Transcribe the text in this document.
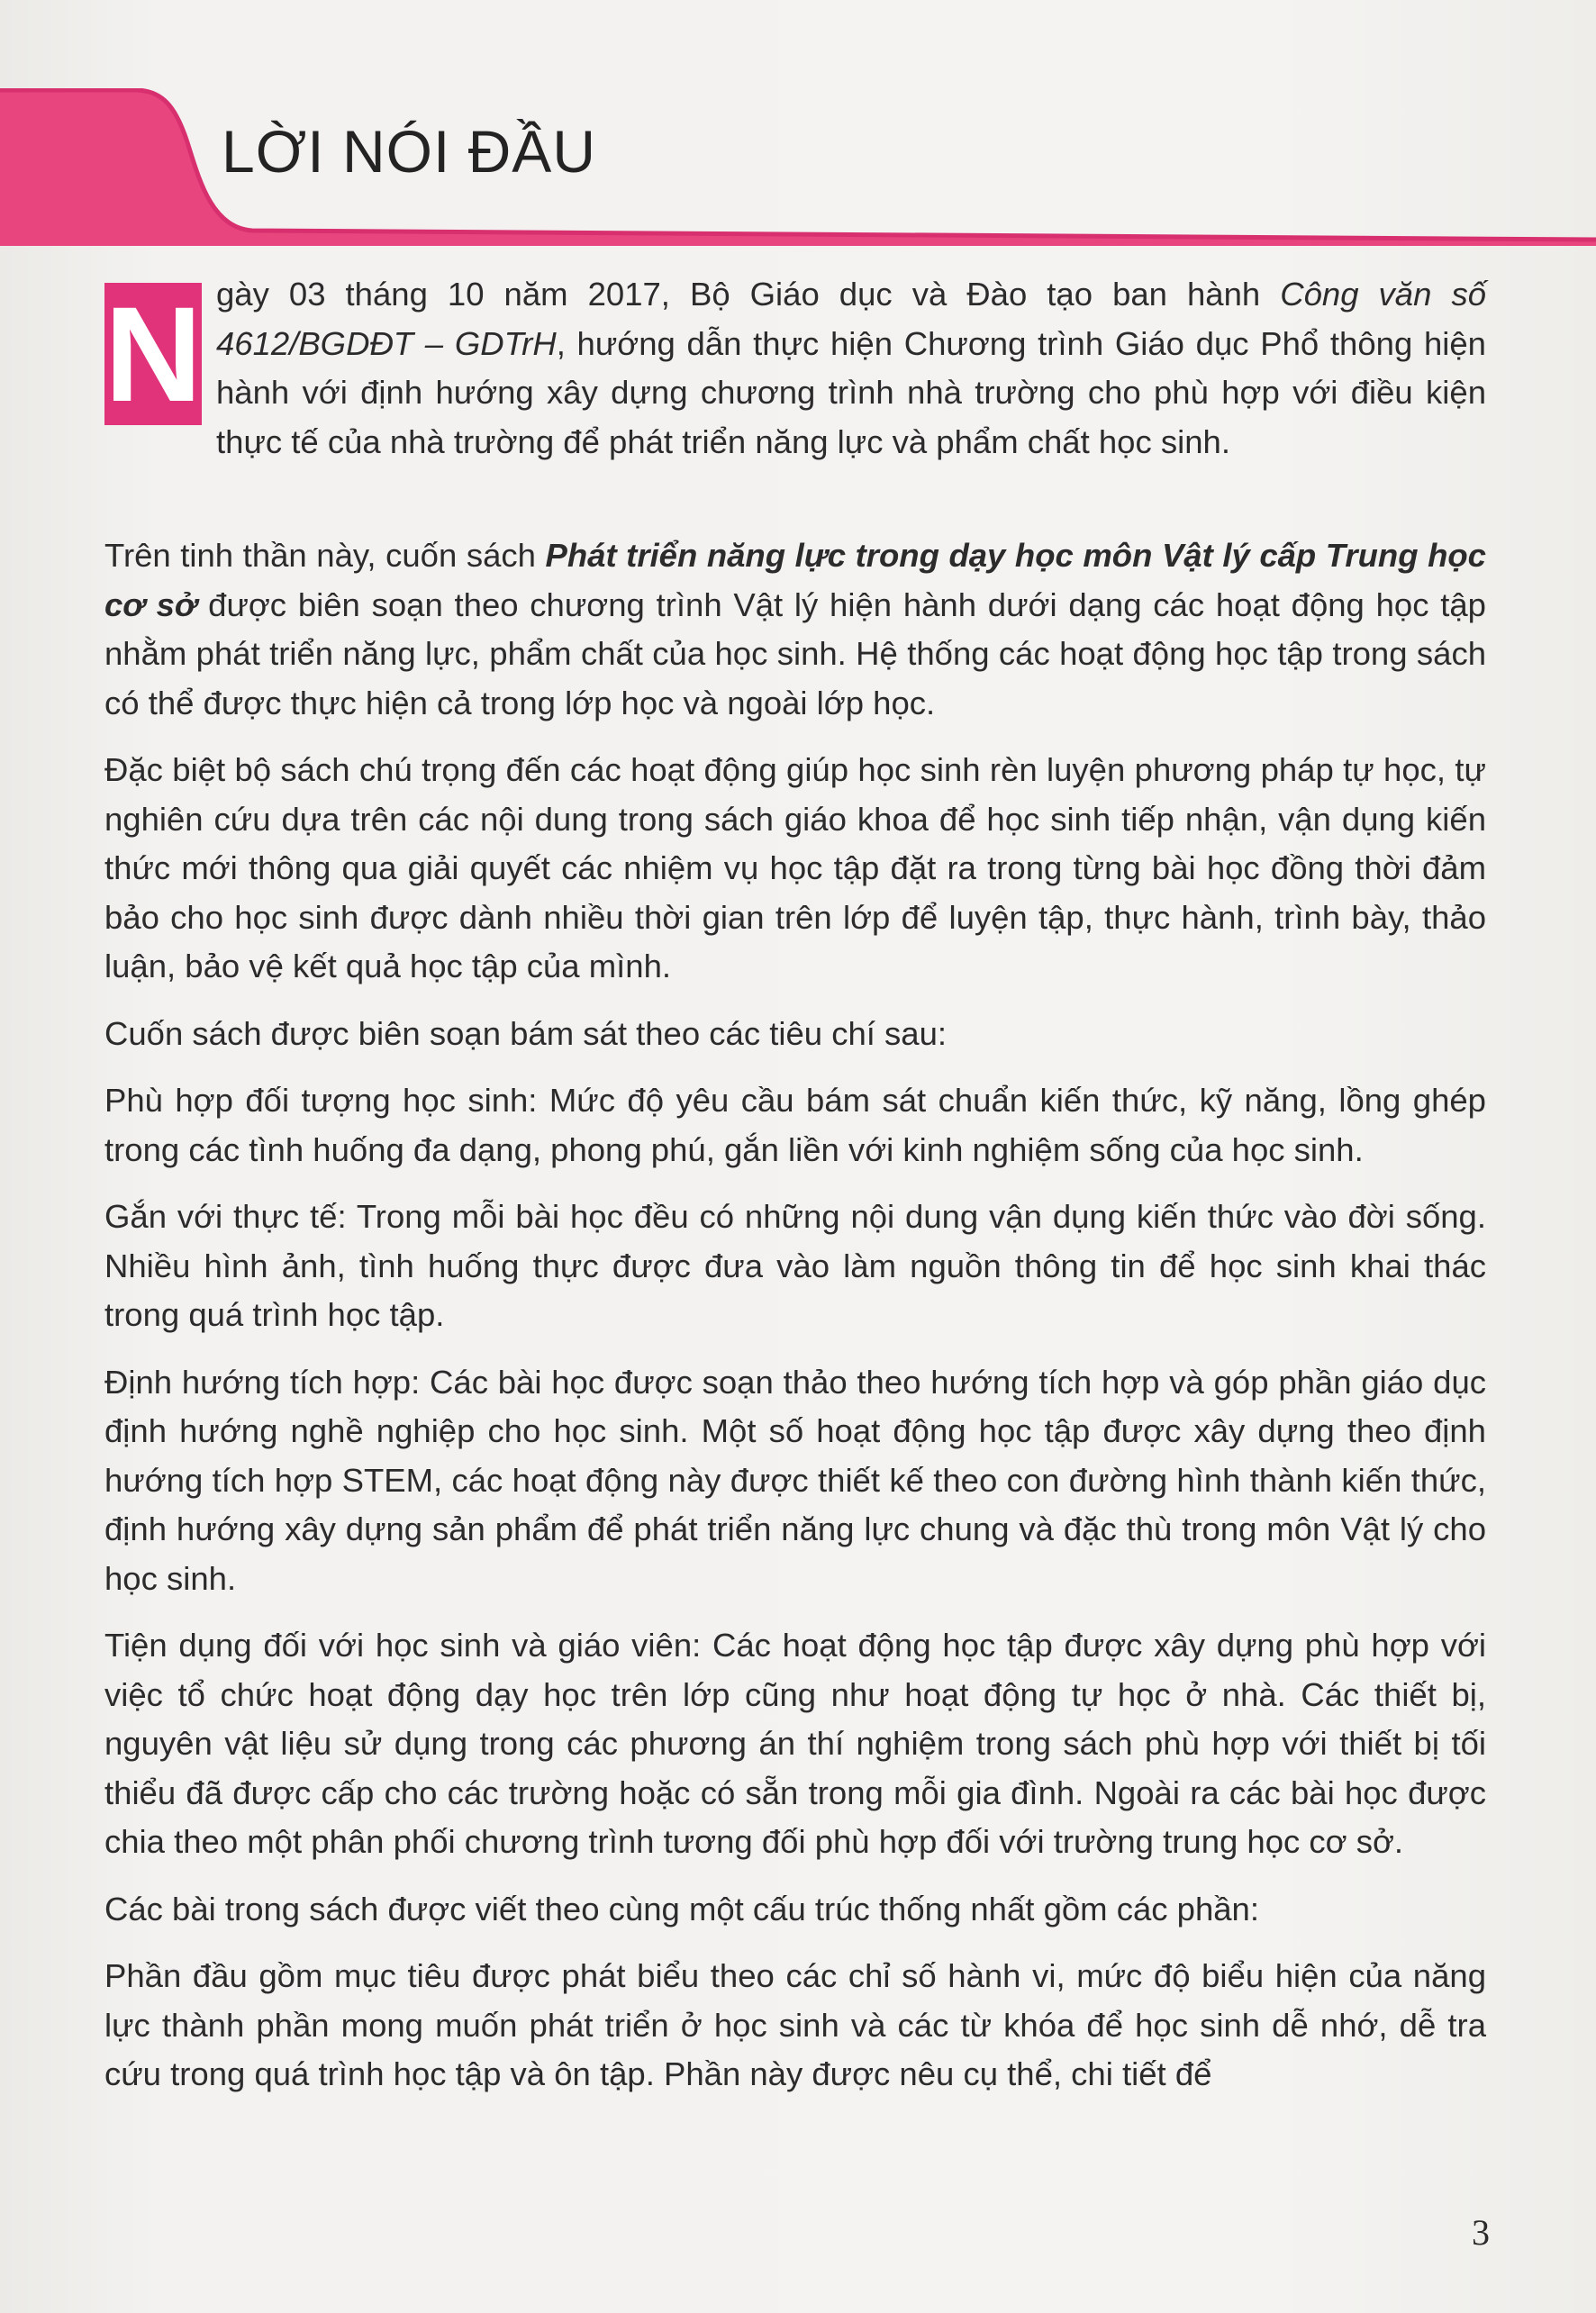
LỜI NÓI ĐẦU

N gày 03 tháng 10 năm 2017, Bộ Giáo dục và Đào tạo ban hành Công văn số 4612/BGDĐT – GDTrH, hướng dẫn thực hiện Chương trình Giáo dục Phổ thông hiện hành với định hướng xây dựng chương trình nhà trường cho phù hợp với điều kiện thực tế của nhà trường để phát triển năng lực và phẩm chất học sinh.

Trên tinh thần này, cuốn sách Phát triển năng lực trong dạy học môn Vật lý cấp Trung học cơ sở được biên soạn theo chương trình Vật lý hiện hành dưới dạng các hoạt động học tập nhằm phát triển năng lực, phẩm chất của học sinh. Hệ thống các hoạt động học tập trong sách có thể được thực hiện cả trong lớp học và ngoài lớp học.

Đặc biệt bộ sách chú trọng đến các hoạt động giúp học sinh rèn luyện phương pháp tự học, tự nghiên cứu dựa trên các nội dung trong sách giáo khoa để học sinh tiếp nhận, vận dụng kiến thức mới thông qua giải quyết các nhiệm vụ học tập đặt ra trong từng bài học đồng thời đảm bảo cho học sinh được dành nhiều thời gian trên lớp để luyện tập, thực hành, trình bày, thảo luận, bảo vệ kết quả học tập của mình.

Cuốn sách được biên soạn bám sát theo các tiêu chí sau:

Phù hợp đối tượng học sinh: Mức độ yêu cầu bám sát chuẩn kiến thức, kỹ năng, lồng ghép trong các tình huống đa dạng, phong phú, gắn liền với kinh nghiệm sống của học sinh.

Gắn với thực tế: Trong mỗi bài học đều có những nội dung vận dụng kiến thức vào đời sống. Nhiều hình ảnh, tình huống thực được đưa vào làm nguồn thông tin để học sinh khai thác trong quá trình học tập.

Định hướng tích hợp: Các bài học được soạn thảo theo hướng tích hợp và góp phần giáo dục định hướng nghề nghiệp cho học sinh. Một số hoạt động học tập được xây dựng theo định hướng tích hợp STEM, các hoạt động này được thiết kế theo con đường hình thành kiến thức, định hướng xây dựng sản phẩm để phát triển năng lực chung và đặc thù trong môn Vật lý cho học sinh.

Tiện dụng đối với học sinh và giáo viên: Các hoạt động học tập được xây dựng phù hợp với việc tổ chức hoạt động dạy học trên lớp cũng như hoạt động tự học ở nhà. Các thiết bị, nguyên vật liệu sử dụng trong các phương án thí nghiệm trong sách phù hợp với thiết bị tối thiểu đã được cấp cho các trường hoặc có sẵn trong mỗi gia đình. Ngoài ra các bài học được chia theo một phân phối chương trình tương đối phù hợp đối với trường trung học cơ sở.

Các bài trong sách được viết theo cùng một cấu trúc thống nhất gồm các phần:

Phần đầu gồm mục tiêu được phát biểu theo các chỉ số hành vi, mức độ biểu hiện của năng lực thành phần mong muốn phát triển ở học sinh và các từ khóa để học sinh dễ nhớ, dễ tra cứu trong quá trình học tập và ôn tập. Phần này được nêu cụ thể, chi tiết để

3
